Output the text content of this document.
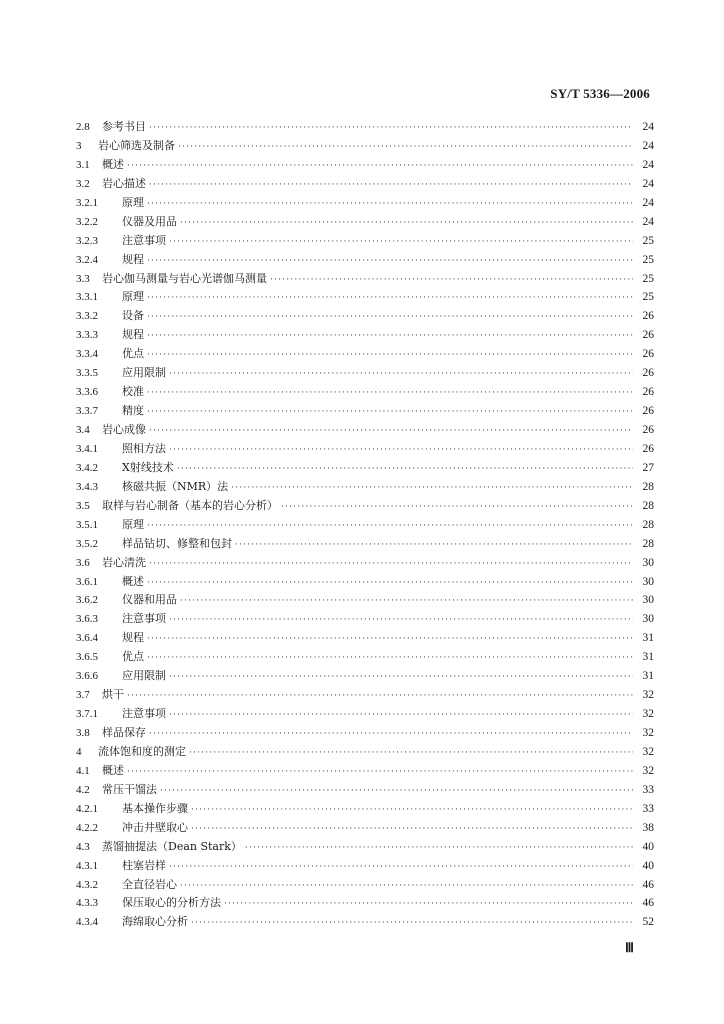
SY/T 5336—2006
2.8	参考书目 ·····	24
3	岩心筛选及制备 ·····	24
3.1	概述 ·····	24
3.2	岩心描述 ·····	24
3.2.1	原理 ·····	24
3.2.2	仪器及用品 ·····	24
3.2.3	注意事项 ·····	25
3.2.4	规程 ·····	25
3.3	岩心伽马测量与岩心光谱伽马测量 ·····	25
3.3.1	原理 ·····	25
3.3.2	设备 ·····	26
3.3.3	规程 ·····	26
3.3.4	优点 ·····	26
3.3.5	应用限制 ·····	26
3.3.6	校准 ·····	26
3.3.7	精度 ·····	26
3.4	岩心成像 ·····	26
3.4.1	照相方法 ·····	26
3.4.2	X射线技术 ·····	27
3.4.3	核磁共振（NMR）法 ·····	28
3.5	取样与岩心制备（基本的岩心分析） ·····	28
3.5.1	原理 ·····	28
3.5.2	样品钻切、修整和包封 ·····	28
3.6	岩心清洗 ·····	30
3.6.1	概述 ·····	30
3.6.2	仪器和用品 ·····	30
3.6.3	注意事项 ·····	30
3.6.4	规程 ·····	31
3.6.5	优点 ·····	31
3.6.6	应用限制 ·····	31
3.7	烘干 ·····	32
3.7.1	注意事项 ·····	32
3.8	样品保存 ·····	32
4	流体饱和度的测定 ·····	32
4.1	概述 ·····	32
4.2	常压干馏法 ·····	33
4.2.1	基本操作步骤 ·····	33
4.2.2	冲击井壁取心 ·····	38
4.3	蒸馏抽提法（Dean Stark） ·····	40
4.3.1	柱塞岩样 ·····	40
4.3.2	全直径岩心 ·····	46
4.3.3	保压取心的分析方法 ·····	46
4.3.4	海绵取心分析 ·····	52
Ⅲ
